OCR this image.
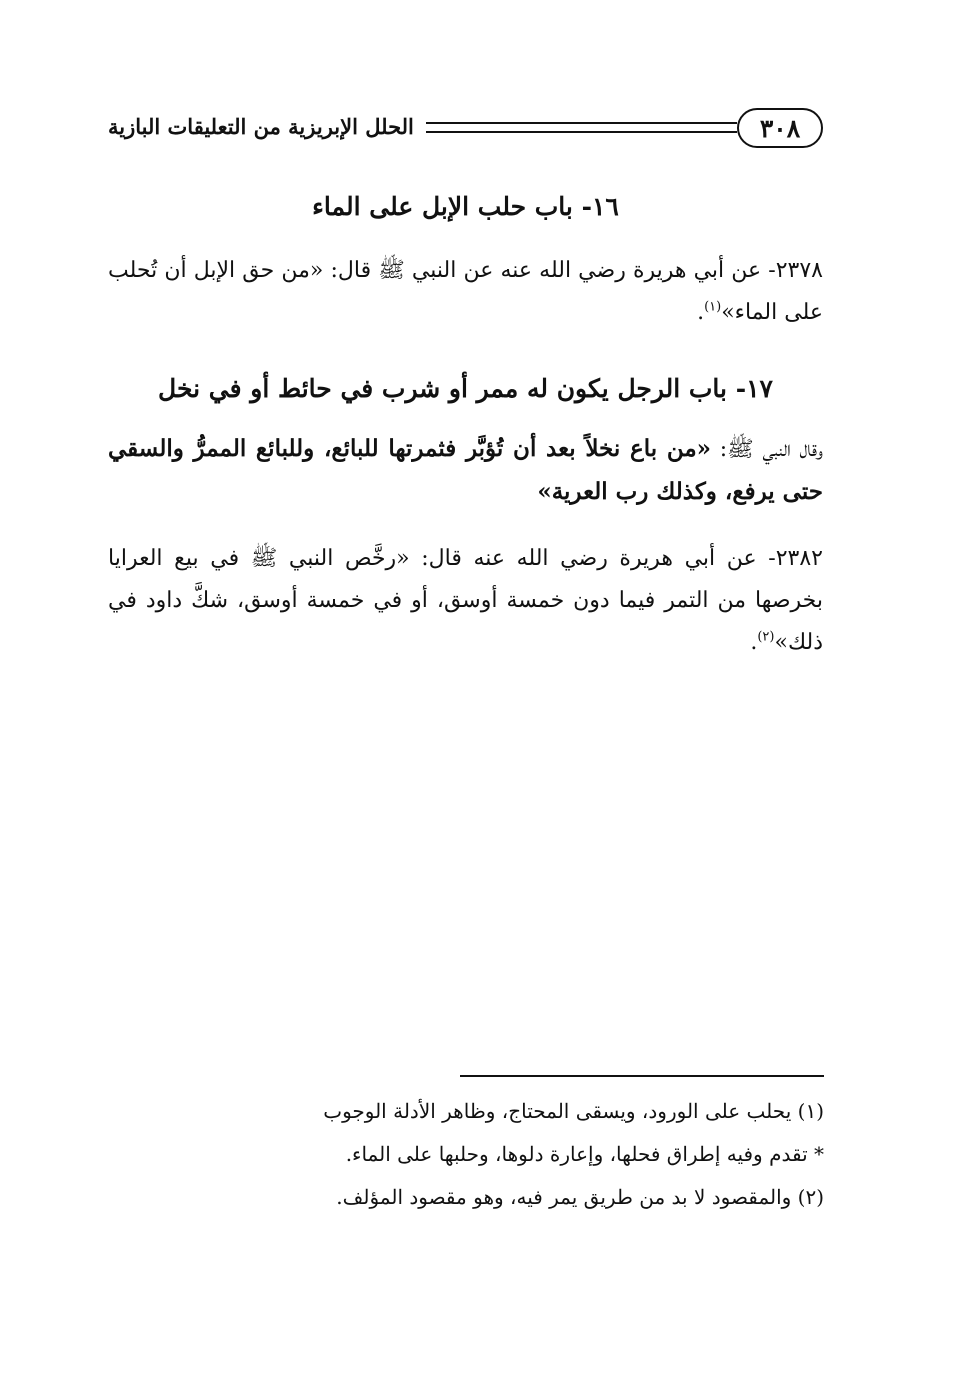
الحلل الإبريزية من التعليقات البازية	٣٠٨
١٦- باب حلب الإبل على الماء
٢٣٧٨- عن أبي هريرة رضي الله عنه عن النبي ﷺ قال: «من حق الإبل أن تُحلب على الماء»$^{(١)}$.
١٧- باب الرجل يكون له ممر أو شرب في حائط أو في نخل
وقال النبي ﷺ: «من باع نخلاً بعد أن تُؤبَّر فثمرتها للبائع، وللبائع الممرُّ والسقي حتى يرفع، وكذلك رب العرية»
٢٣٨٢- عن أبي هريرة رضي الله عنه قال: «رخَّص النبي ﷺ في بيع العرايا بخرصها من التمر فيما دون خمسة أوسق، أو في خمسة أوسق، شكَّ داود في ذلك»$^{(٢)}$.
(١) يحلب على الورود، ويسقى المحتاج، وظاهر الأدلة الوجوب
* تقدم وفيه إطراق فحلها، وإعارة دلوها، وحلبها على الماء.
(٢) والمقصود لا بد من طريق يمر فيه، وهو مقصود المؤلف.
